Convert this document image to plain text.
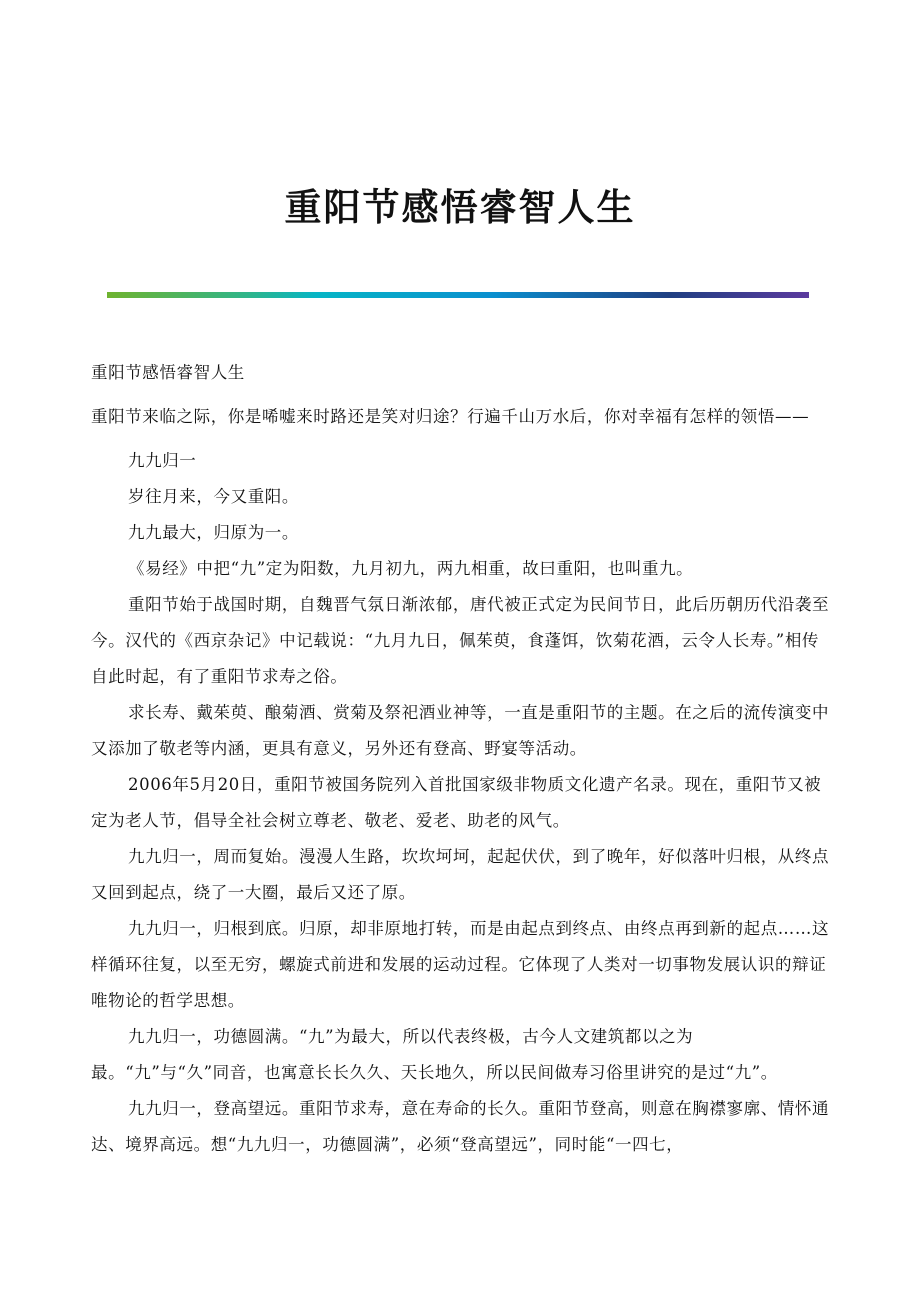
重阳节感悟睿智人生

重阳节感悟睿智人生

重阳节来临之际，你是唏嘘来时路还是笑对归途？行遍千山万水后，你对幸福有怎样的领悟——

九九归一

岁往月来，今又重阳。

九九最大，归原为一。

《易经》中把“九”定为阳数，九月初九，两九相重，故曰重阳，也叫重九。

重阳节始于战国时期，自魏晋气氛日渐浓郁，唐代被正式定为民间节日，此后历朝历代沿袭至今。汉代的《西京杂记》中记载说：“九月九日，佩茱萸，食蓬饵，饮菊花酒，云令人长寿。”相传自此时起，有了重阳节求寿之俗。

求长寿、戴茱萸、酿菊酒、赏菊及祭祀酒业神等，一直是重阳节的主题。在之后的流传演变中又添加了敬老等内涵，更具有意义，另外还有登高、野宴等活动。

2006年5月20日，重阳节被国务院列入首批国家级非物质文化遗产名录。现在，重阳节又被定为老人节，倡导全社会树立尊老、敬老、爱老、助老的风气。

九九归一，周而复始。漫漫人生路，坎坎坷坷，起起伏伏，到了晚年，好似落叶归根，从终点又回到起点，绕了一大圈，最后又还了原。

九九归一，归根到底。归原，却非原地打转，而是由起点到终点、由终点再到新的起点……这样循环往复，以至无穷，螺旋式前进和发展的运动过程。它体现了人类对一切事物发展认识的辩证唯物论的哲学思想。

九九归一，功德圆满。“九”为最大，所以代表终极，古今人文建筑都以之为最。“九”与“久”同音，也寓意长长久久、天长地久，所以民间做寿习俗里讲究的是过“九”。

九九归一，登高望远。重阳节求寿，意在寿命的长久。重阳节登高，则意在胸襟寥廓、情怀通达、境界高远。想“九九归一，功德圆满”，必须“登高望远”，同时能“一四七，
